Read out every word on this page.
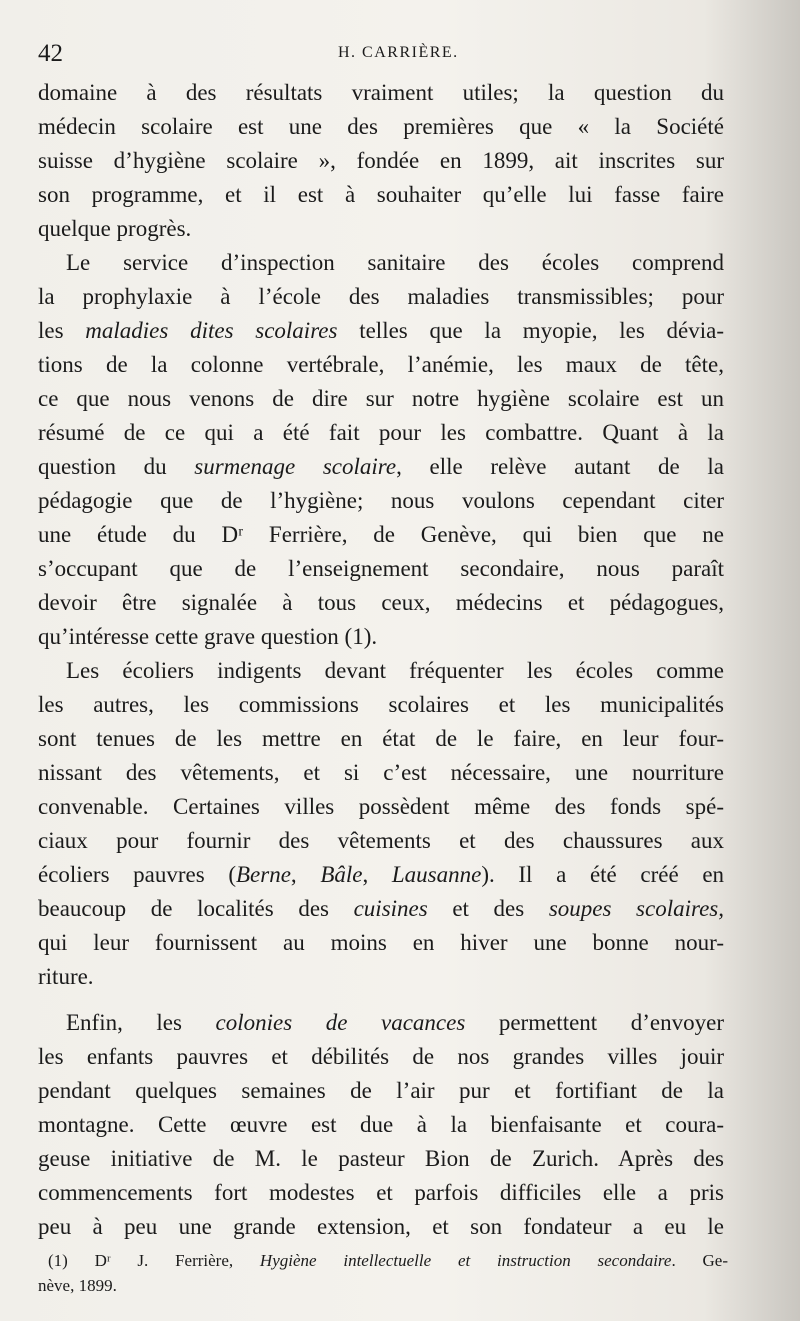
42	H. CARRIÈRE.
domaine à des résultats vraiment utiles; la question du
médecin scolaire est une des premières que « la Société
suisse d’hygiène scolaire », fondée en 1899, ait inscrites sur
son programme, et il est à souhaiter qu’elle lui fasse faire
quelque progrès.
Le service d’inspection sanitaire des écoles comprend
la prophylaxie à l’école des maladies transmissibles; pour
les maladies dites scolaires telles que la myopie, les dévia-
tions de la colonne vertébrale, l’anémie, les maux de tête,
ce que nous venons de dire sur notre hygiène scolaire est un
résumé de ce qui a été fait pour les combattre. Quant à la
question du surmenage scolaire, elle relève autant de la
pédagogie que de l’hygiène; nous voulons cependant citer
une étude du Dʳ Ferrière, de Genève, qui bien que ne
s’occupant que de l’enseignement secondaire, nous paraît
devoir être signalée à tous ceux, médecins et pédagogues,
qu’intéresse cette grave question (1).
Les écoliers indigents devant fréquenter les écoles comme
les autres, les commissions scolaires et les municipalités
sont tenues de les mettre en état de le faire, en leur four-
nissant des vêtements, et si c’est nécessaire, une nourriture
convenable. Certaines villes possèdent même des fonds spé-
ciaux pour fournir des vêtements et des chaussures aux
écoliers pauvres (Berne, Bâle, Lausanne). Il a été créé en
beaucoup de localités des cuisines et des soupes scolaires,
qui leur fournissent au moins en hiver une bonne nour-
riture.
Enfin, les colonies de vacances permettent d’envoyer
les enfants pauvres et débilités de nos grandes villes jouir
pendant quelques semaines de l’air pur et fortifiant de la
montagne. Cette œuvre est due à la bienfaisante et coura-
geuse initiative de M. le pasteur Bion de Zurich. Après des
commencements fort modestes et parfois difficiles elle a pris
peu à peu une grande extension, et son fondateur a eu le
(1) Dʳ J. Ferrière, Hygiène intellectuelle et instruction secondaire. Ge-
nève, 1899.
